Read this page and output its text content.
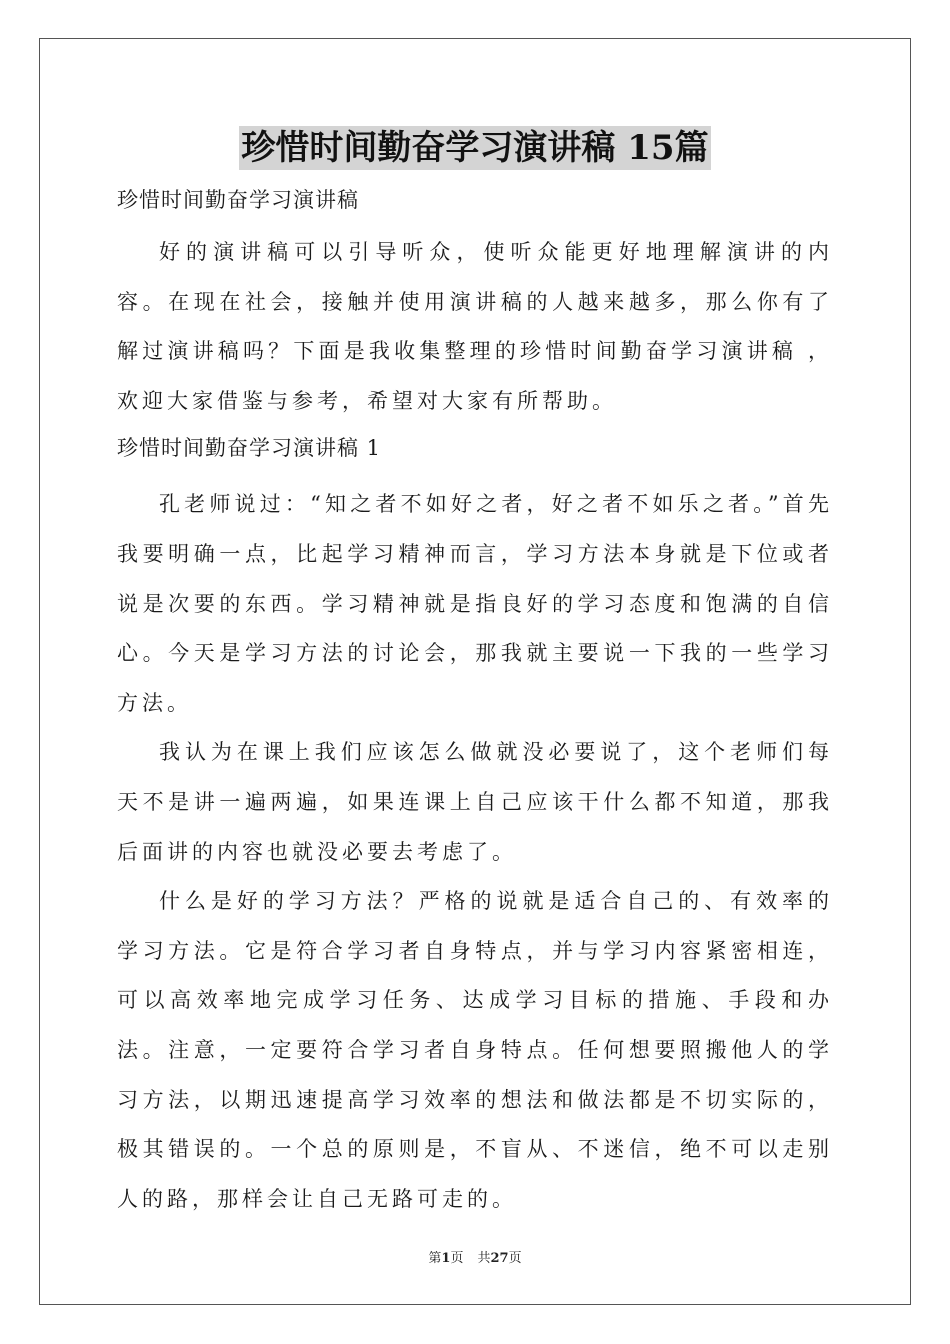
珍惜时间勤奋学习演讲稿 15篇

珍惜时间勤奋学习演讲稿

好的演讲稿可以引导听众，使听众能更好地理解演讲的内容。在现在社会，接触并使用演讲稿的人越来越多，那么你有了解过演讲稿吗？下面是我收集整理的珍惜时间勤奋学习演讲稿 ，欢迎大家借鉴与参考，希望对大家有所帮助。

珍惜时间勤奋学习演讲稿 1

孔老师说过：“知之者不如好之者，好之者不如乐之者。”首先我要明确一点，比起学习精神而言，学习方法本身就是下位或者说是次要的东西。学习精神就是指良好的学习态度和饱满的自信心。今天是学习方法的讨论会，那我就主要说一下我的一些学习方法。

我认为在课上我们应该怎么做就没必要说了，这个老师们每天不是讲一遍两遍，如果连课上自己应该干什么都不知道，那我后面讲的内容也就没必要去考虑了。

什么是好的学习方法？严格的说就是适合自己的、有效率的学习方法。它是符合学习者自身特点，并与学习内容紧密相连，可以高效率地完成学习任务、达成学习目标的措施、手段和办法。注意，一定要符合学习者自身特点。任何想要照搬他人的学习方法，以期迅速提高学习效率的想法和做法都是不切实际的，极其错误的。一个总的原则是，不盲从、不迷信，绝不可以走别人的路，那样会让自己无路可走的。

第1页 共27页
